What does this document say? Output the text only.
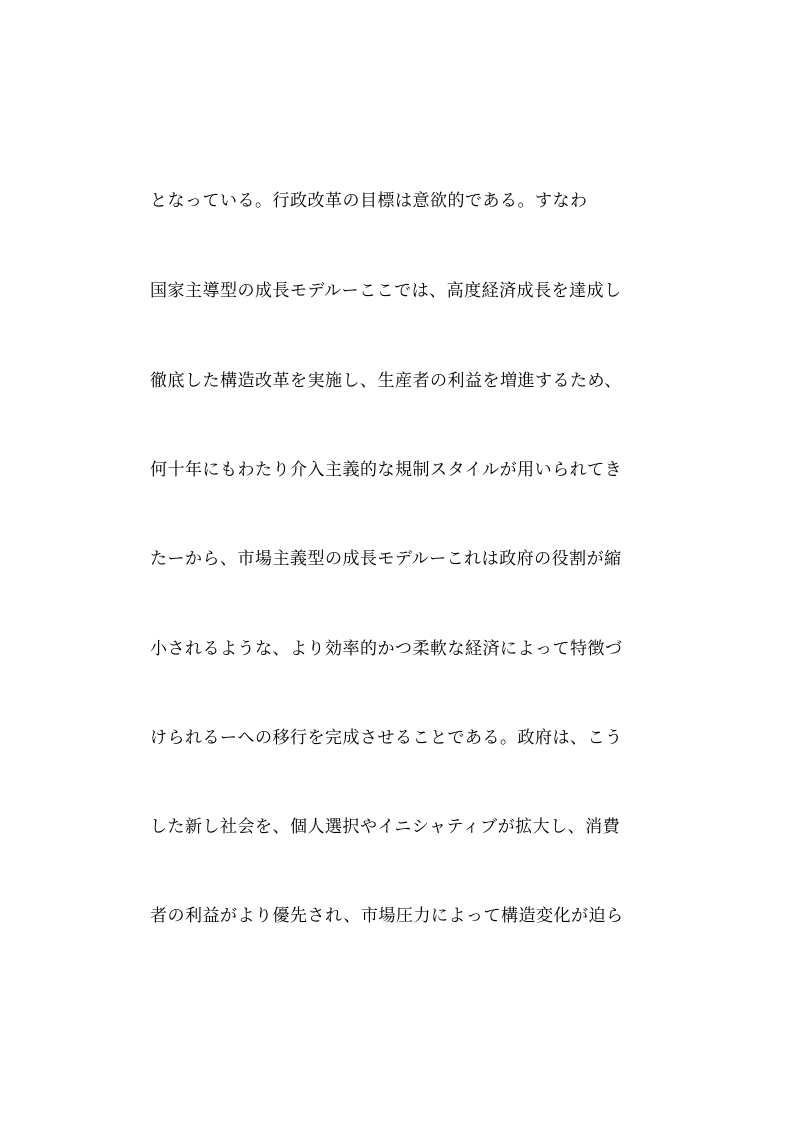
となっている。行政改革の目標は意欲的である。すなわ
国家主導型の成長モデルーここでは、高度経済成長を達成し
徹底した構造改革を実施し、生産者の利益を増進するため、
何十年にもわたり介入主義的な規制スタイルが用いられてき
たーから、市場主義型の成長モデルーこれは政府の役割が縮
小されるような、より効率的かつ柔軟な経済によって特徴づ
けられるーへの移行を完成させることである。政府は、こう
した新し社会を、個人選択やイニシャティブが拡大し、消費
者の利益がより優先され、市場圧力によって構造変化が迫ら
